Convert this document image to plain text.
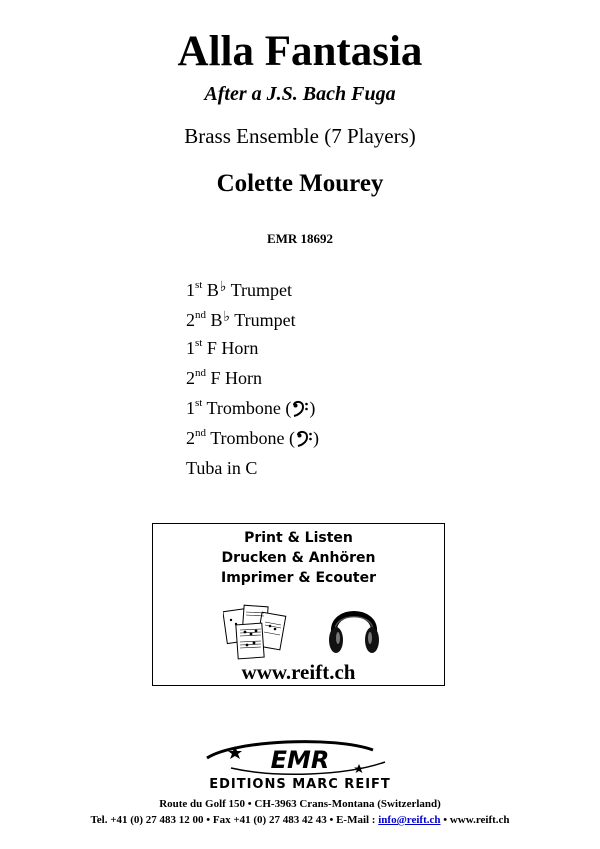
Alla Fantasia
After a J.S. Bach Fuga
Brass Ensemble (7 Players)
Colette Mourey
EMR 18692
1st B♭ Trumpet
2nd B♭ Trumpet
1st F Horn
2nd F Horn
1st Trombone ( )
2nd Trombone ( )
Tuba in C
Print & Listen
Drucken & Anhören
Imprimer & Ecouter
www.reift.ch
EMR
EDITIONS MARC REIFT
Route du Golf 150 • CH-3963 Crans-Montana (Switzerland)
Tel. +41 (0) 27 483 12 00 • Fax +41 (0) 27 483 42 43 • E-Mail : info@reift.ch • www.reift.ch
